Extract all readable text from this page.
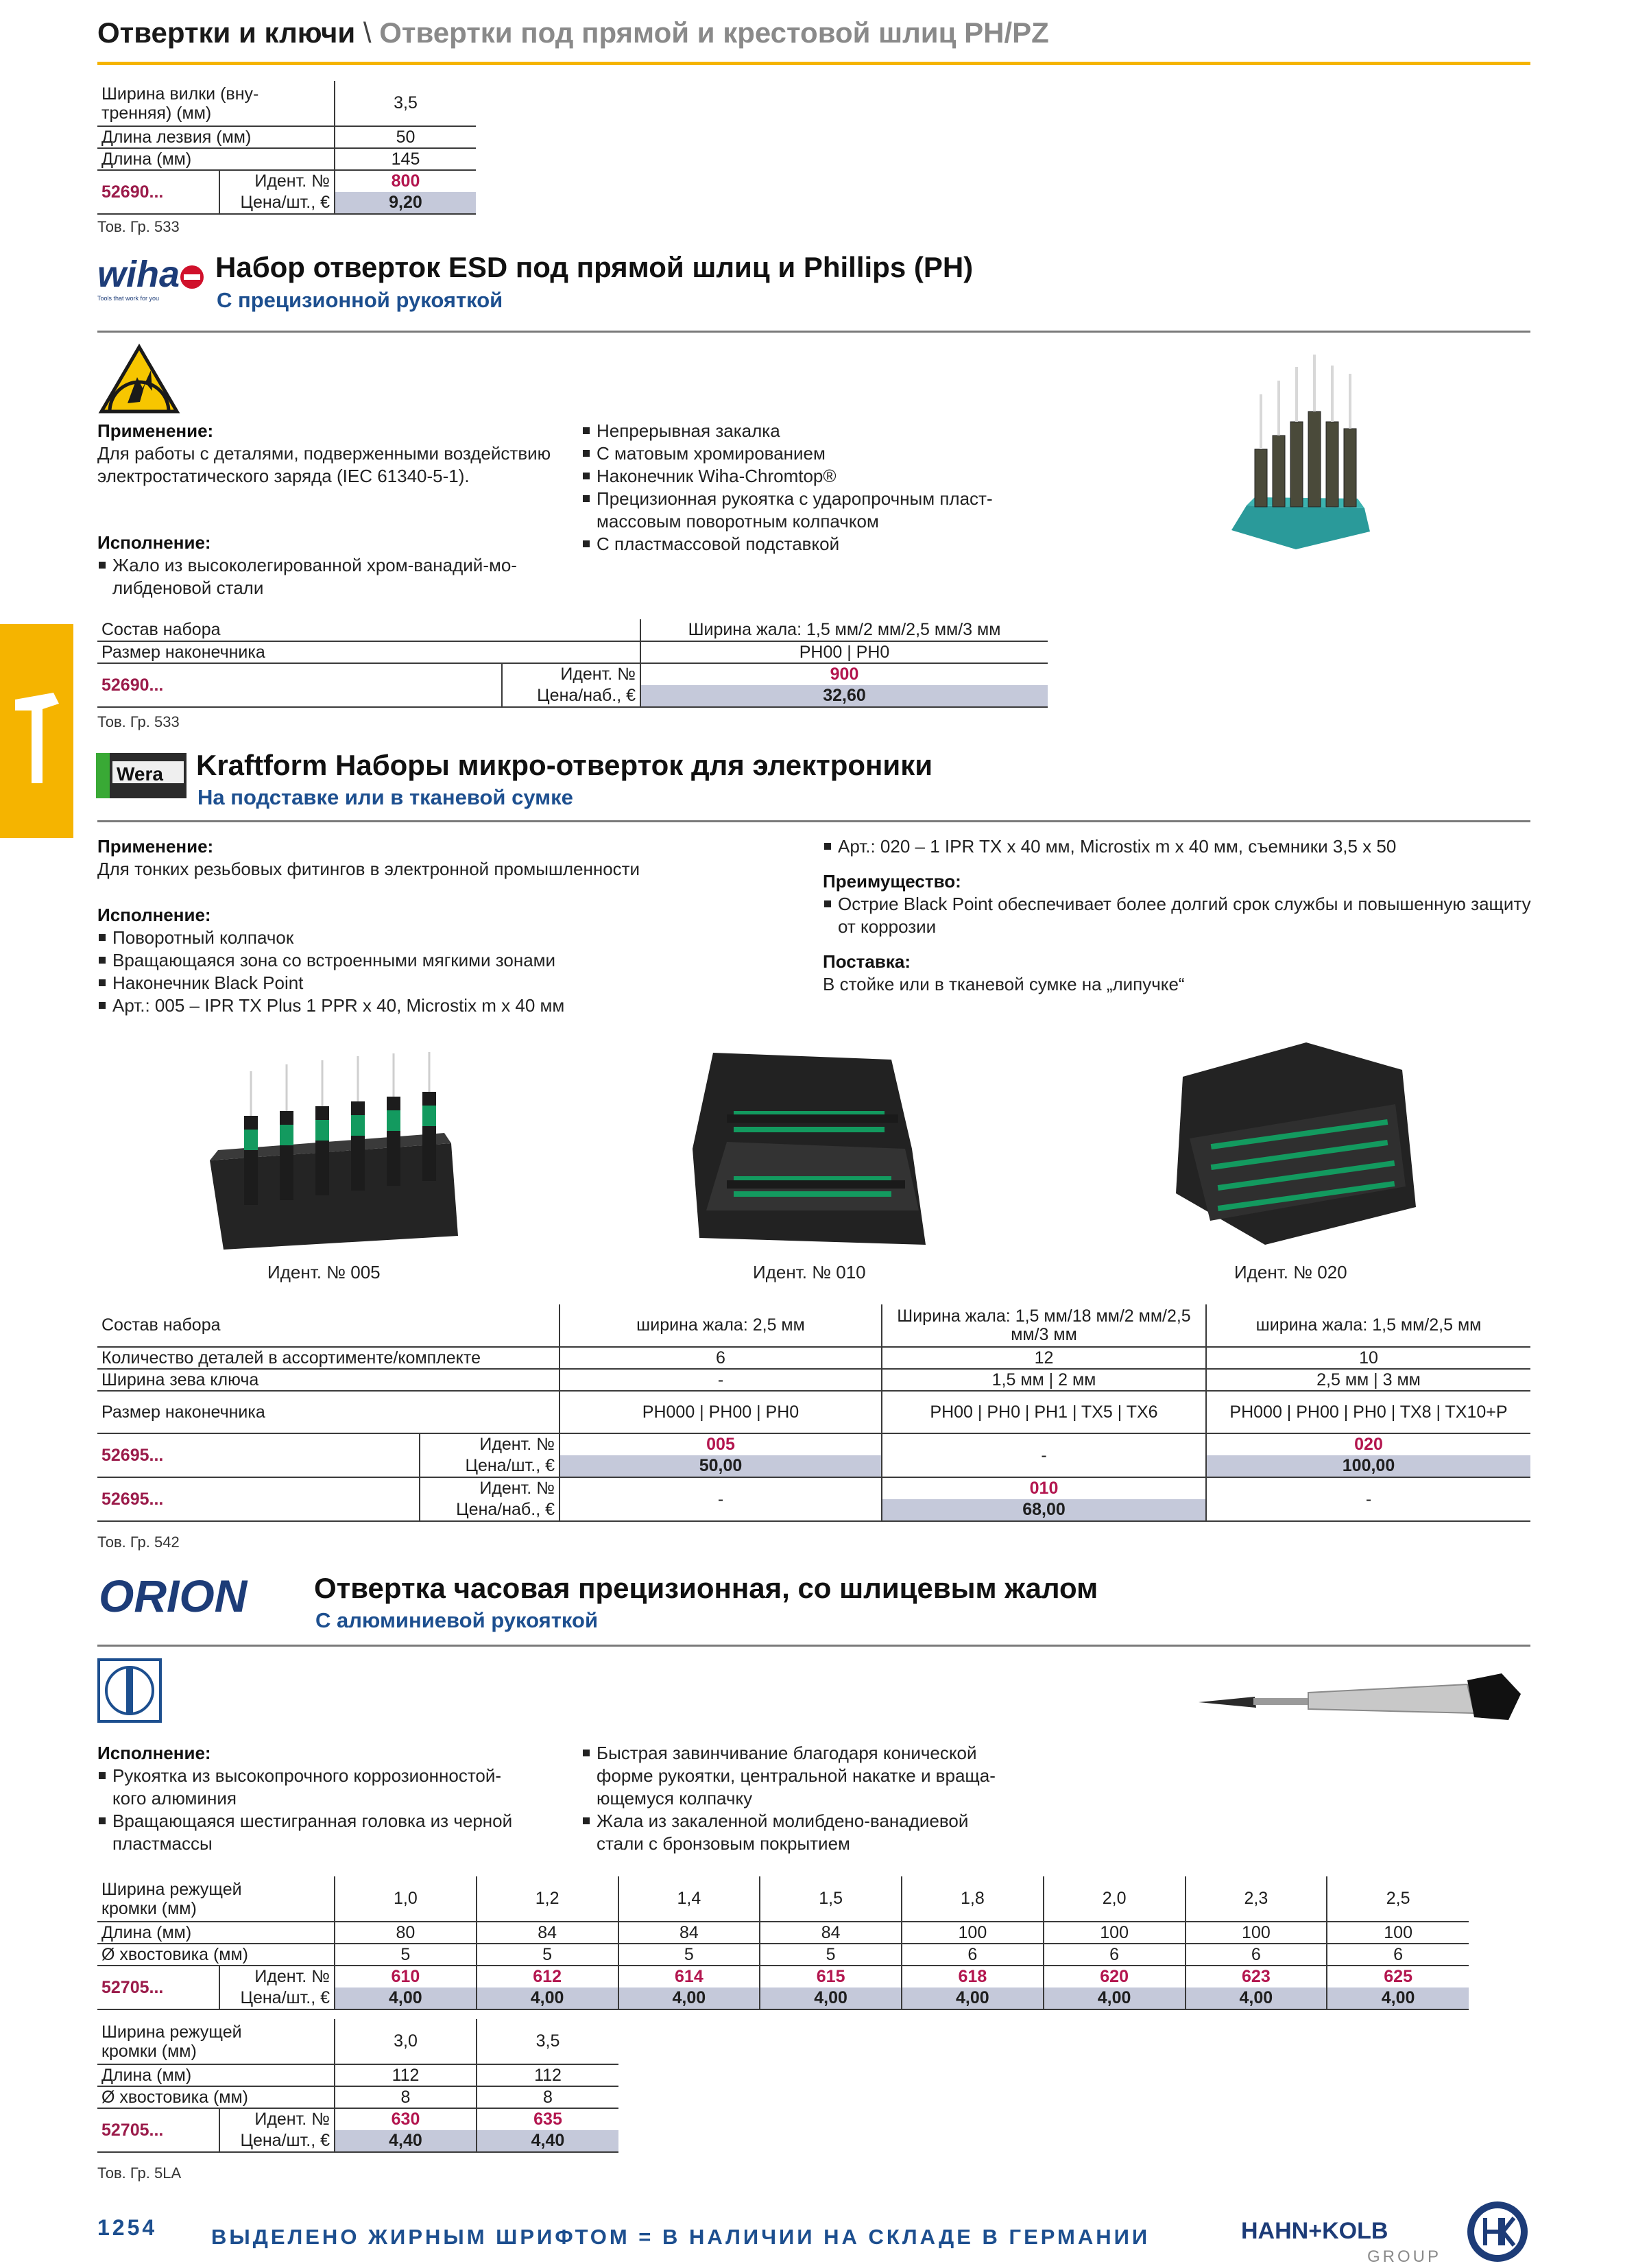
Отвертки и ключи \ Отвертки под прямой и крестовой шлиц PH/PZ
Ширина вилки (вну-
тренняя) (мм)		3,5
Длина лезвия (мм)		50
Длина (мм)		145
52690...	Идент. №	800
	Цена/шт., €	9,20
Тов. Гр. 533
wiha
Tools that work for you
Набор отверток ESD под прямой шлиц и Phillips (PH)
С прецизионной рукояткой
Применение:
Для работы с деталями, подверженными воздействию электростатического заряда (IEC 61340-5-1).
Исполнение:
Жало из высоколегированной хром-ванадий-мо-
либденовой стали
Непрерывная закалка
С матовым хромированием
Наконечник Wiha-Chromtop®
Прецизионная рукоятка с ударопрочным пласт-
массовым поворотным колпачком
С пластмассовой подставкой
Состав набора		Ширина жала: 1,5 мм/2 мм/2,5 мм/3 мм
Размер наконечника		PH00 | PH0
52690...	Идент. №	900
	Цена/наб., €	32,60
Тов. Гр. 533
Wera Kraftform Наборы микро-отверток для электроники
На подставке или в тканевой сумке
Применение:
Для тонких резьбовых фитингов в электронной промышленности
Исполнение:
Поворотный колпачок
Вращающаяся зона со встроенными мягкими зонами
Наконечник Black Point
Арт.: 005 – IPR TX Plus 1 PPR x 40, Microstix m x 40 мм
Арт.: 020 – 1 IPR TX x 40 мм, Microstix m x 40 мм, съемники 3,5 x 50
Преимущество:
Острие Black Point обеспечивает более долгий срок службы и повышенную защиту от коррозии
Поставка:
В стойке или в тканевой сумке на „липучке“
Идент. № 005	Идент. № 010	Идент. № 020
Состав набора		ширина жала: 2,5 мм	Ширина жала: 1,5 мм/18 мм/2 мм/2,5 мм/3 мм	ширина жала: 1,5 мм/2,5 мм
Количество деталей в ассортименте/комплекте		6	12	10
Ширина зева ключа		-	1,5 мм | 2 мм	2,5 мм | 3 мм
Размер наконечника		PH000 | PH00 | PH0	PH00 | PH0 | PH1 | TX5 | TX6	PH000 | PH00 | PH0 | TX8 | TX10+P
52695...	Идент. №	005	-	020
	Цена/шт., €	50,00		100,00
52695...	Идент. №	-	010	-
	Цена/наб., €		68,00	
Тов. Гр. 542
ORION Отвертка часовая прецизионная, со шлицевым жалом
С алюминиевой рукояткой
Исполнение:
Рукоятка из высокопрочного коррозионностой-
кого алюминия
Вращающаяся шестигранная головка из черной
пластмассы
Быстрая завинчивание благодаря конической
форме рукоятки, центральной накатке и враща-
ющемуся колпачку
Жала из закаленной молибдено-ванадиевой
стали с бронзовым покрытием
Ширина режущей
кромки (мм)		1,0	1,2	1,4	1,5	1,8	2,0	2,3	2,5
Длина (мм)		80	84	84	84	100	100	100	100
Ø хвостовика (мм)		5	5	5	5	6	6	6	6
52705...	Идент. №	610	612	614	615	618	620	623	625
	Цена/шт., €	4,00	4,00	4,00	4,00	4,00	4,00	4,00	4,00
Ширина режущей
кромки (мм)		3,0	3,5
Длина (мм)		112	112
Ø хвостовика (мм)		8	8
52705...	Идент. №	630	635
	Цена/шт., €	4,40	4,40
Тов. Гр. 5LA
1254	ВЫДЕЛЕНО ЖИРНЫМ ШРИФТОМ = В НАЛИЧИИ НА СКЛАДЕ В ГЕРМАНИИ	HAHN+KOLB
GROUP
